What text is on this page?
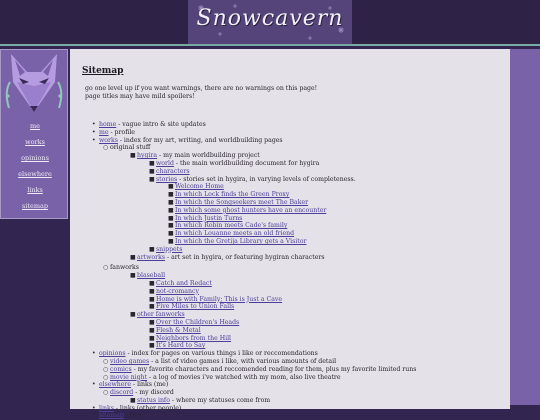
Snowcavern
me
works
opinions
elsewhere
links
sitemap
Sitemap
go one level up if you want warnings, there are no warnings on this page!
page titles may have mild spoilers!
• home - vague intro & site updates
• me - profile
• works - index for my art, writing, and worldbuilding pages
○ original stuff
■ hygira - my main worldbuilding project
■ world - the main worldbuilding document for hygira
■ characters
■ stories - stories set in hygira, in varying levels of completeness.
■ Welcome Home
■ In which Lock finds the Green Proxy
■ In which the Songseekers meet The Baker
■ In which some ghost hunters have an encounter
■ In which Justin Turns
■ In which Robin meets Cade's family
■ In which Louanne meets an old friend
■ In which the Gretija Library gets a Visitor
■ snippets
■ artworks - art set in hygira, or featuring hygiran characters
○ fanworks
■ blaseball
■ Catch and Redact
■ not-cromancy
■ Home is with Family; This is Just a Cave
■ Five Miles to Union Falls
■ other fanworks
■ Over the Children's Heads
■ Flesh & Metal
■ Neighbors from the Hill
■ It's Hard to Say
• opinions - index for pages on various things i like or reccomendations
○ video games - a list of video games i like, with various amounts of detail
○ comics - my favorite characters and reccomended reading for them, plus my favorite limited runs
○ movie night - a log of movies i've watched with my mom, also live theatre
• elsewhere - links (me)
○ discord - my discord
■ status info - where my statuses come from
• links - links (other people)
• sitemap - this
